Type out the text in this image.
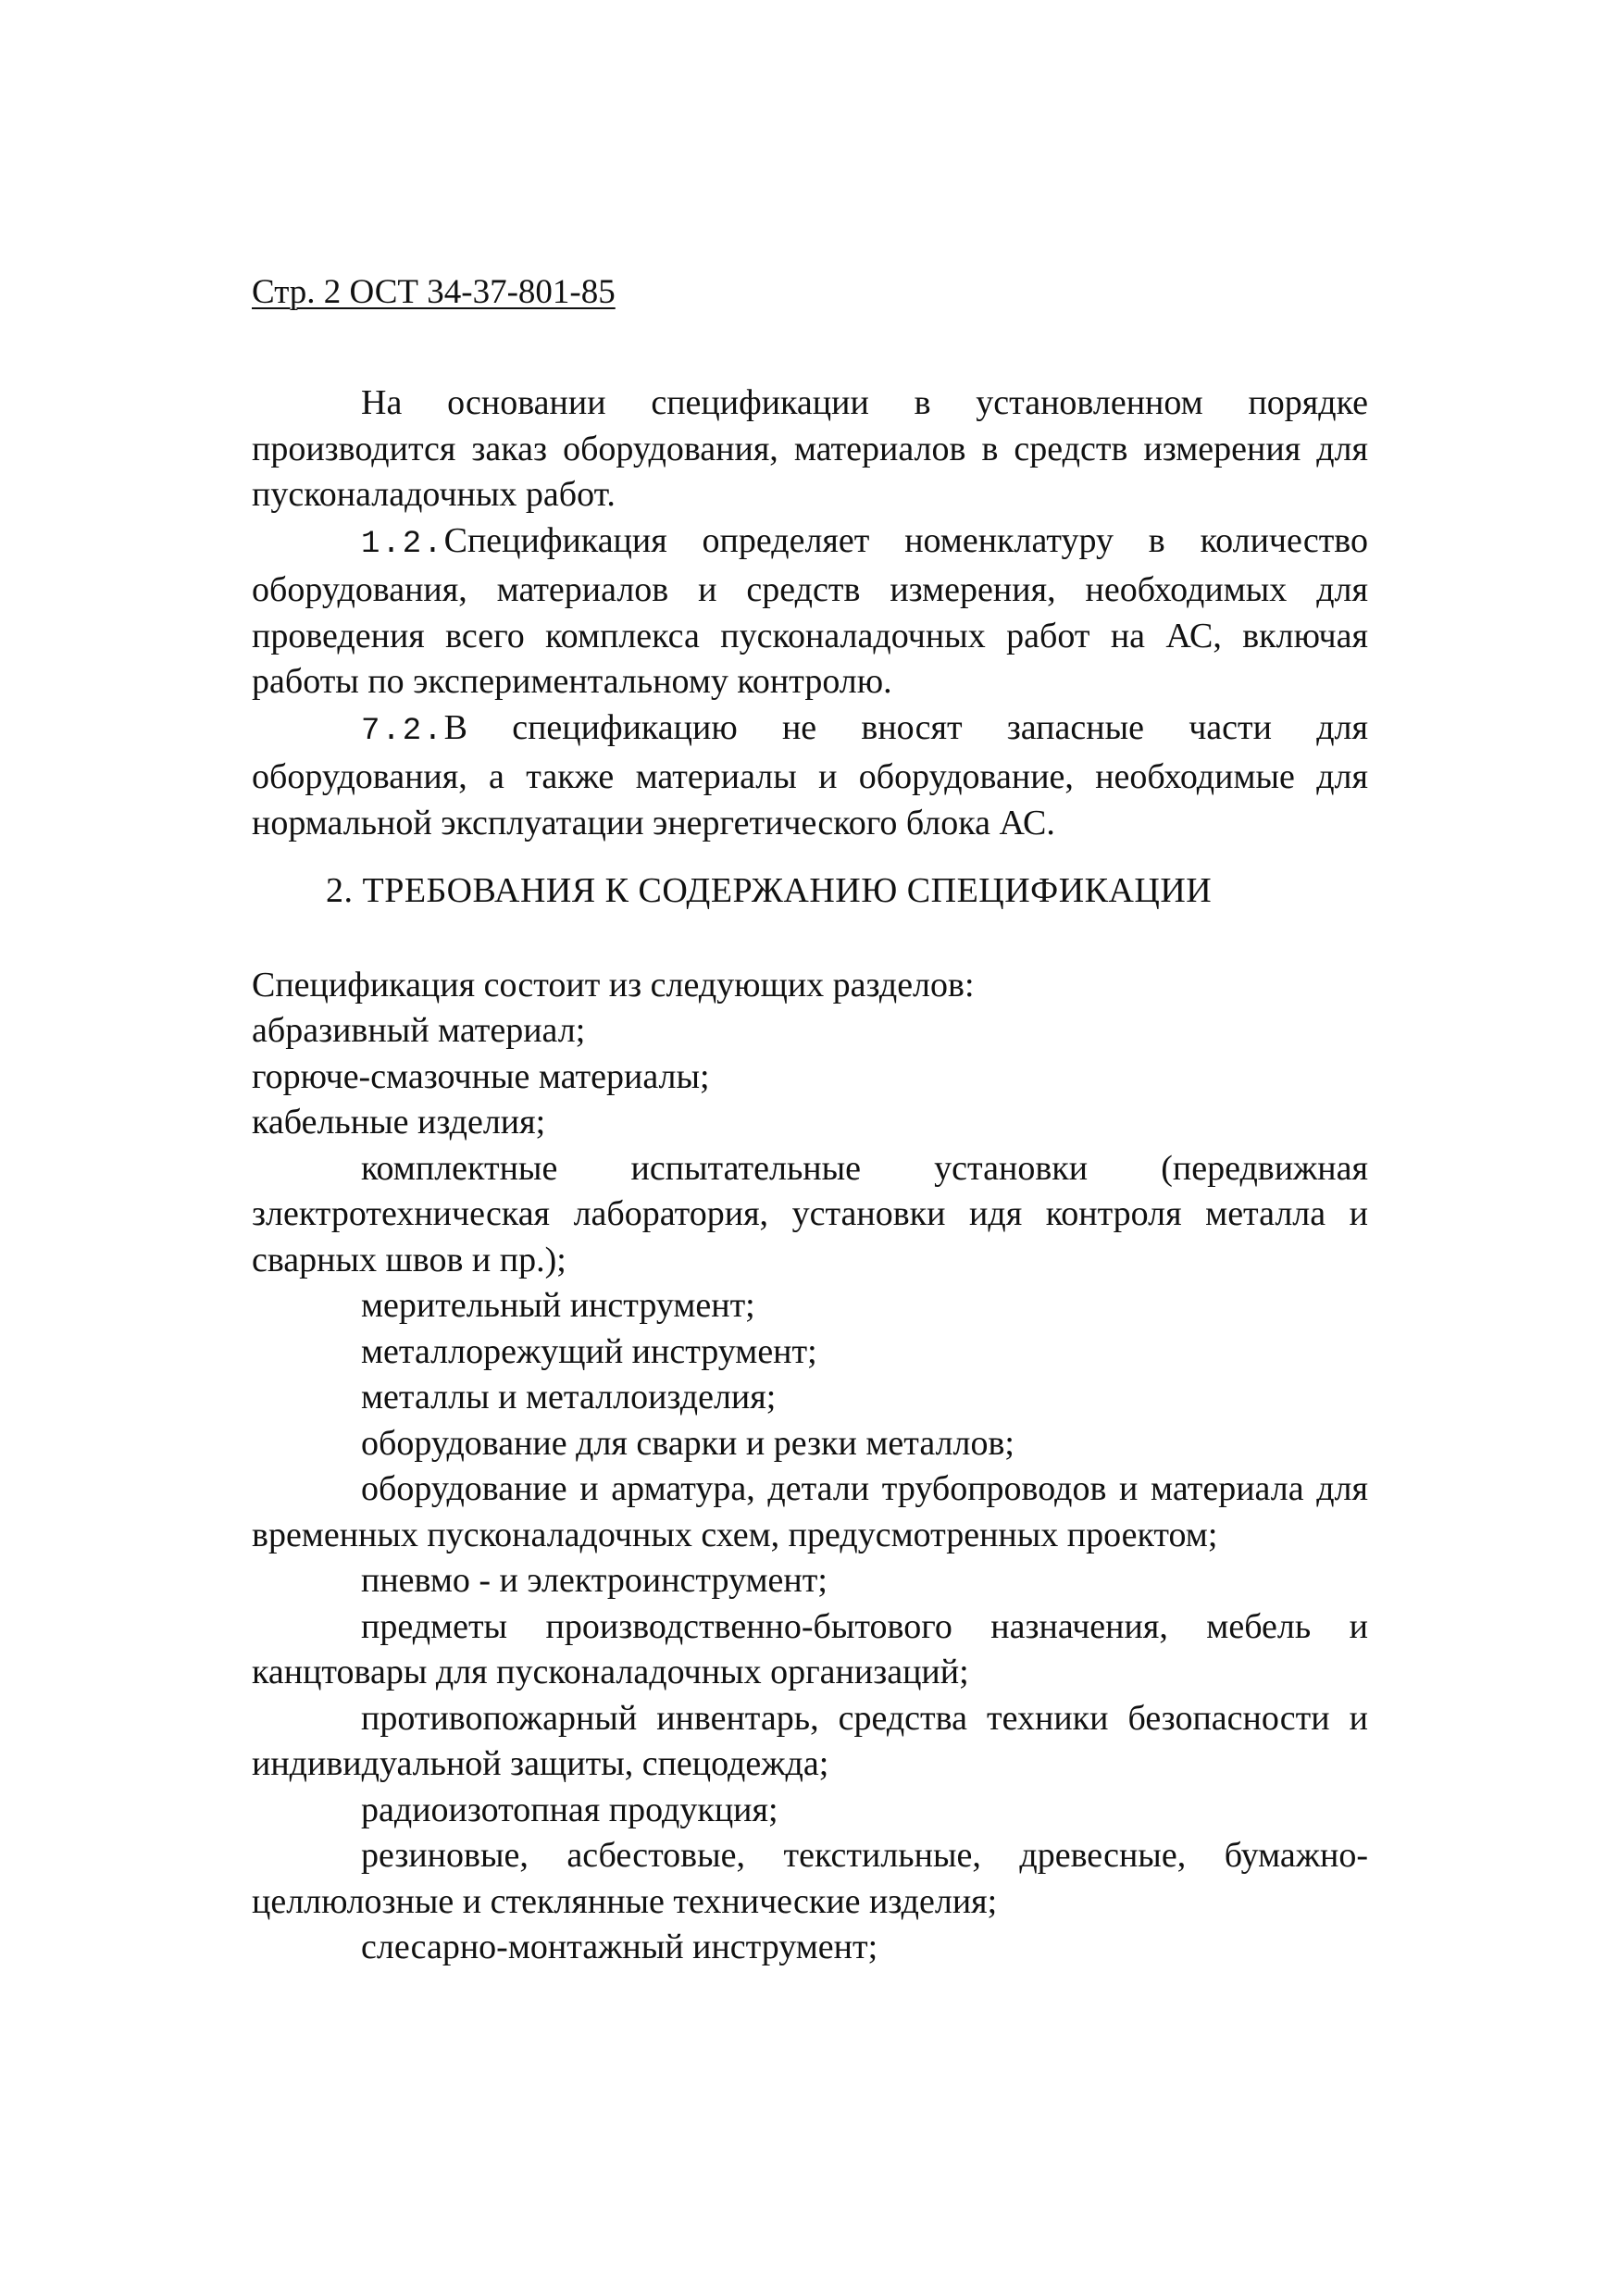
Стр. 2 ОСТ 34-37-801-85

На основании спецификации в установленном порядке производится заказ оборудования, материалов в средств измерения для пусконаладочных работ.

1.2.Спецификация определяет номенклатуру в количество оборудования, материалов и средств измерения, необходимых для проведения всего комплекса пусконаладочных работ на АС, включая работы по экспериментальному контролю.

7.2.В спецификацию не вносят запасные части для оборудования, а также материалы и оборудование, необходимые для нормальной эксплуатации энергетического блока АС.

2. ТРЕБОВАНИЯ К СОДЕРЖАНИЮ СПЕЦИФИКАЦИИ

Спецификация состоит из следующих разделов:

абразивный материал;

горюче-смазочные материалы;

кабельные изделия;

комплектные испытательные установки (передвижная злектротехническая лаборатория, установки идя контроля металла и сварных швов и пр.);

мерительный инструмент;

металлорежущий инструмент;

металлы и металлоизделия;

оборудование для сварки и резки металлов;

оборудование и арматура, детали трубопроводов и материала для временных пусконаладочных схем, предусмотренных проектом;

пневмо - и электроинструмент;

предметы производственно-бытового назначения, мебель и канцтовары для пусконаладочных организаций;

противопожарный инвентарь, средства техники безопасности и индивидуальной защиты, спецодежда;

радиоизотопная продукция;

резиновые, асбестовые, текстильные, древесные, бумажно-целлюлозные и стеклянные технические изделия;

слесарно-монтажный инструмент;
